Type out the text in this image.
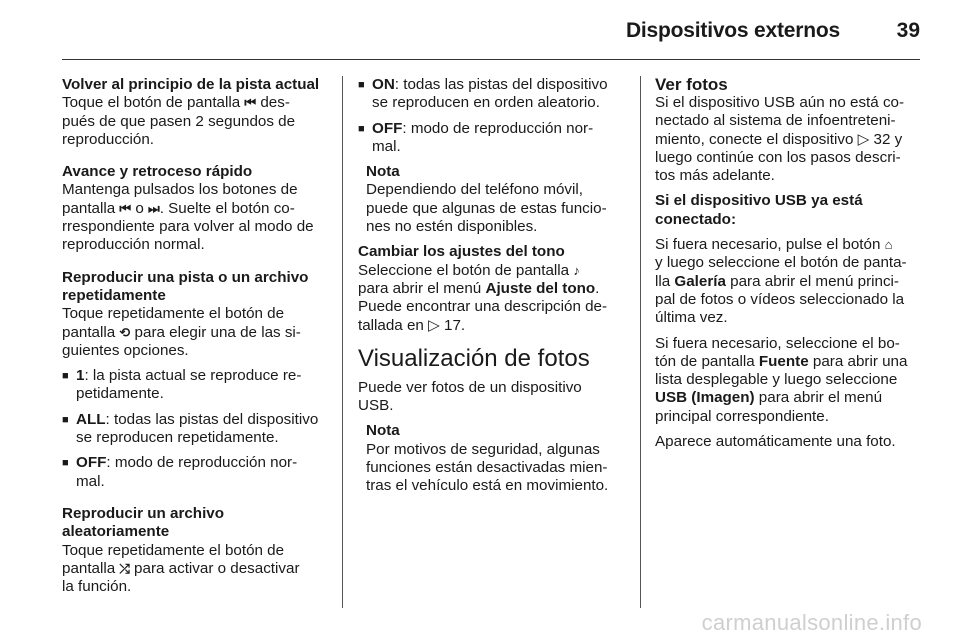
Dispositivos externos	39

Volver al principio de la pista actual

Toque el botón de pantalla ⏮ des-
pués de que pasen 2 segundos de
reproducción.

Avance y retroceso rápido

Mantenga pulsados los botones de
pantalla ⏮ o ⏭. Suelte el botón co-
rrespondiente para volver al modo de
reproducción normal.

Reproducir una pista o un archivo
repetidamente

Toque repetidamente el botón de
pantalla ⟲ para elegir una de las si-
guientes opciones.

■ 1: la pista actual se reproduce re-
petidamente.
■ ALL: todas las pistas del dispositivo
se reproducen repetidamente.
■ OFF: modo de reproducción nor-
mal.

Reproducir un archivo
aleatoriamente

Toque repetidamente el botón de
pantalla ⤮ para activar o desactivar
la función.

■ ON: todas las pistas del dispositivo
se reproducen en orden aleatorio.
■ OFF: modo de reproducción nor-
mal.

Nota

Dependiendo del teléfono móvil,
puede que algunas de estas funcio-
nes no estén disponibles.

Cambiar los ajustes del tono

Seleccione el botón de pantalla ♪
para abrir el menú Ajuste del tono.
Puede encontrar una descripción de-
tallada en ▷ 17.

Visualización de fotos

Puede ver fotos de un dispositivo
USB.

Nota

Por motivos de seguridad, algunas
funciones están desactivadas mien-
tras el vehículo está en movimiento.

Ver fotos

Si el dispositivo USB aún no está co-
nectado al sistema de infoentreteni-
miento, conecte el dispositivo ▷ 32 y
luego continúe con los pasos descri-
tos más adelante.

Si el dispositivo USB ya está
conectado:

Si fuera necesario, pulse el botón ⌂
y luego seleccione el botón de panta-
lla Galería para abrir el menú princi-
pal de fotos o vídeos seleccionado la
última vez.

Si fuera necesario, seleccione el bo-
tón de pantalla Fuente para abrir una
lista desplegable y luego seleccione
USB (Imagen) para abrir el menú
principal correspondiente.

Aparece automáticamente una foto.

carmanualsonline.info
